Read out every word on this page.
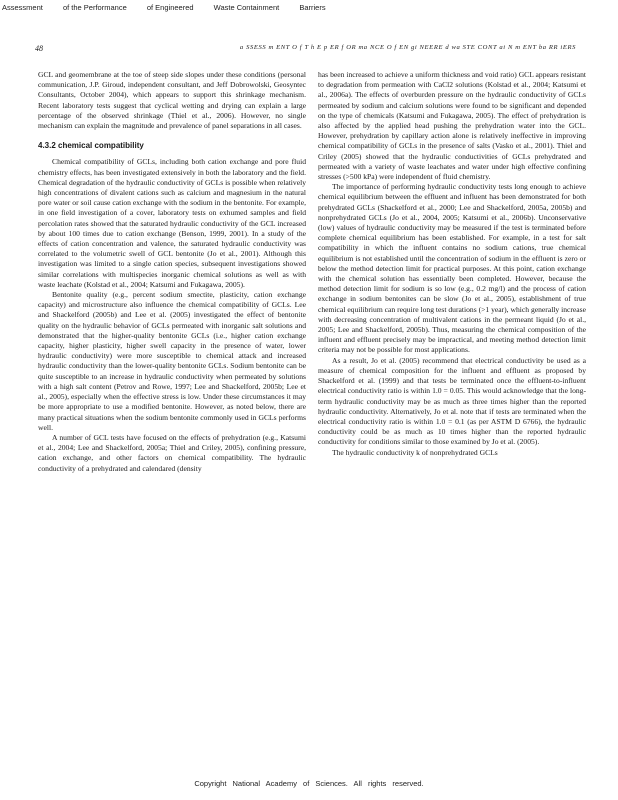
Assessment	of the Performance	of Engineered	Waste Containment	Barriers
48	a SSESS m ENT O f T h E p ER f OR ma NCE O f EN gi NEERE d wa STE CONT ai N m ENT ba RR iERS

GCL and geomembrane at the toe of steep side slopes under these conditions (personal communication, J.P. Giroud, independent consultant, and Jeff Dobrowolski, Geosyntec Consultants, October 2004), which appears to support this shrinkage mechanism. Recent laboratory tests suggest that cyclical wetting and drying can explain a large percentage of the observed shrinkage (Thiel et al., 2006). However, no single mechanism can explain the magnitude and prevalence of panel separations in all cases.

4.3.2 chemical compatibility

Chemical compatibility of GCLs, including both cation exchange and pore fluid chemistry effects, has been investigated extensively in both the laboratory and the field. Chemical degradation of the hydraulic conductivity of GCLs is possible when relatively high concentrations of divalent cations such as calcium and magnesium in the natural pore water or soil cause cation exchange with the sodium in the bentonite. For example, in one field investigation of a cover, laboratory tests on exhumed samples and field percolation rates showed that the saturated hydraulic conductivity of the GCL increased by about 100 times due to cation exchange (Benson, 1999, 2001). In a study of the effects of cation concentration and valence, the saturated hydraulic conductivity was correlated to the volumetric swell of GCL bentonite (Jo et al., 2001). Although this investigation was limited to a single cation species, subsequent investigations showed similar correlations with multispecies inorganic chemical solutions as well as with waste leachate (Kolstad et al., 2004; Katsumi and Fukagawa, 2005).

Bentonite quality (e.g., percent sodium smectite, plasticity, cation exchange capacity) and microstructure also influence the chemical compatibility of GCLs. Lee and Shackelford (2005b) and Lee et al. (2005) investigated the effect of bentonite quality on the hydraulic behavior of GCLs permeated with inorganic salt solutions and demonstrated that the higher-quality bentonite GCLs (i.e., higher cation exchange capacity, higher plasticity, higher swell capacity in the presence of water, lower hydraulic conductivity) were more susceptible to chemical attack and increased hydraulic conductivity than the lower-quality bentonite GCLs. Sodium bentonite can be quite susceptible to an increase in hydraulic conductivity when permeated by solutions with a high salt content (Petrov and Rowe, 1997; Lee and Shackelford, 2005b; Lee et al., 2005), especially when the effective stress is low. Under these circumstances it may be more appropriate to use a modified bentonite. However, as noted below, there are many practical situations when the sodium bentonite commonly used in GCLs performs well.

A number of GCL tests have focused on the effects of prehydration (e.g., Katsumi et al., 2004; Lee and Shackelford, 2005a; Thiel and Criley, 2005), confining pressure, cation exchange, and other factors on chemical compatibility. The hydraulic conductivity of a prehydrated and calendared (density

has been increased to achieve a uniform thickness and void ratio) GCL appears resistant to degradation from permeation with CaCl2 solutions (Kolstad et al., 2004; Katsumi et al., 2006a). The effects of overburden pressure on the hydraulic conductivity of GCLs permeated by sodium and calcium solutions were found to be significant and depended on the type of chemicals (Katsumi and Fukagawa, 2005). The effect of prehydration is also affected by the applied head pushing the prehydration water into the GCL. However, prehydration by capillary action alone is relatively ineffective in improving chemical compatibility of GCLs in the presence of salts (Vasko et al., 2001). Thiel and Criley (2005) showed that the hydraulic conductivities of GCLs prehydrated and permeated with a variety of waste leachates and water under high effective confining stresses (>500 kPa) were independent of fluid chemistry.

The importance of performing hydraulic conductivity tests long enough to achieve chemical equilibrium between the effluent and influent has been demonstrated for both prehydrated GCLs (Shackelford et al., 2000; Lee and Shackelford, 2005a, 2005b) and nonprehydrated GCLs (Jo et al., 2004, 2005; Katsumi et al., 2006b). Unconservative (low) values of hydraulic conductivity may be measured if the test is terminated before complete chemical equilibrium has been established. For example, in a test for salt compatibility in which the influent contains no sodium cations, true chemical equilibrium is not established until the concentration of sodium in the effluent is zero or below the method detection limit for practical purposes. At this point, cation exchange with the chemical solution has essentially been completed. However, because the method detection limit for sodium is so low (e.g., 0.2 mg/l) and the process of cation exchange in sodium bentonites can be slow (Jo et al., 2005), establishment of true chemical equilibrium can require long test durations (>1 year), which generally increase with decreasing concentration of multivalent cations in the permeant liquid (Jo et al., 2005; Lee and Shackelford, 2005b). Thus, measuring the chemical composition of the influent and effluent precisely may be impractical, and meeting method detection limit criteria may not be possible for most applications.

As a result, Jo et al. (2005) recommend that electrical conductivity be used as a measure of chemical composition for the influent and effluent as proposed by Shackelford et al. (1999) and that tests be terminated once the effluent-to-influent electrical conductivity ratio is within 1.0 = 0.05. This would acknowledge that the long-term hydraulic conductivity may be as much as three times higher than the reported hydraulic conductivity. Alternatively, Jo et al. note that if tests are terminated when the electrical conductivity ratio is within 1.0 = 0.1 (as per ASTM D 6766), the hydraulic conductivity could be as much as 10 times higher than the reported hydraulic conductivity for conditions similar to those examined by Jo et al. (2005).

The hydraulic conductivity k of nonprehydrated GCLs

Copyright National Academy of Sciences. All rights reserved.
